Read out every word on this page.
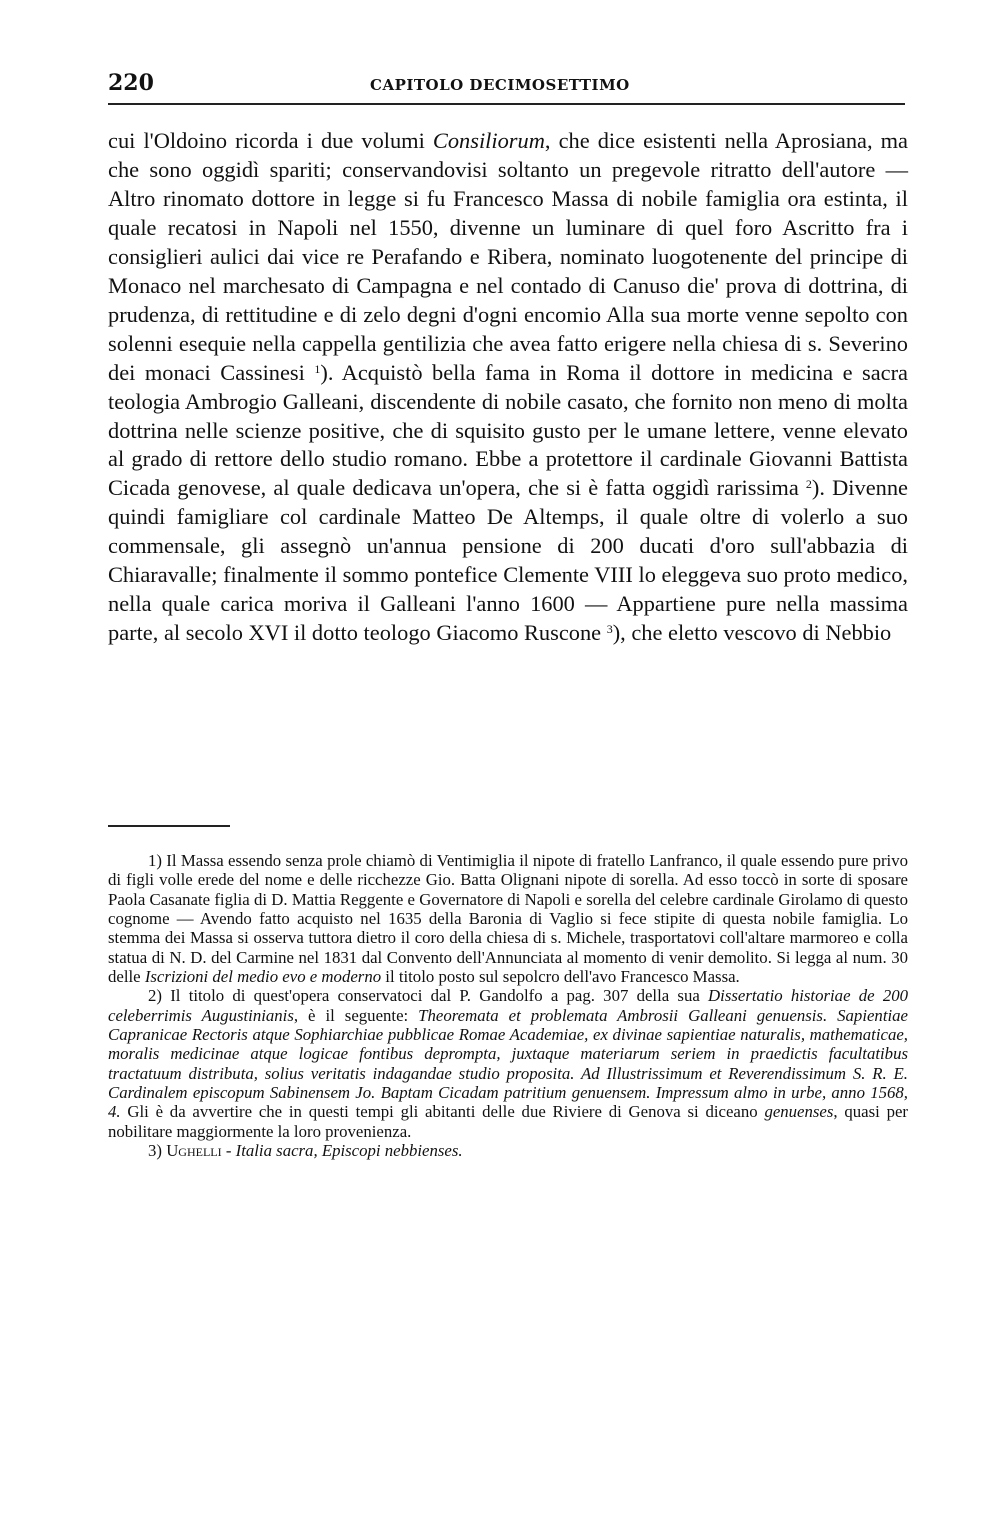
220	CAPITOLO DECIMOSETTIMO

cui l'Oldoino ricorda i due volumi Consiliorum, che dice esistenti nella Aprosiana, ma che sono oggidì spariti; conservandovisi soltanto un pregevole ritratto dell'autore — Altro rinomato dottore in legge si fu Francesco Massa di nobile famiglia ora estinta, il quale recatosi in Napoli nel 1550, divenne un luminare di quel foro Ascritto fra i consiglieri aulici dai vice re Perafando e Ribera, nominato luogotenente del principe di Monaco nel marchesato di Campagna e nel contado di Canuso die' prova di dottrina, di prudenza, di rettitudine e di zelo degni d'ogni encomio Alla sua morte venne sepolto con solenni esequie nella cappella gentilizia che avea fatto erigere nella chiesa di s. Severino dei monaci Cassinesi $^1$). Acquistò bella fama in Roma il dottore in medicina e sacra teologia Ambrogio Galleani, discendente di nobile casato, che fornito non meno di molta dottrina nelle scienze positive, che di squisito gusto per le umane lettere, venne elevato al grado di rettore dello studio romano. Ebbe a protettore il cardinale Giovanni Battista Cicada genovese, al quale dedicava un'opera, che si è fatta oggidì rarissima $^2$). Divenne quindi famigliare col cardinale Matteo De Altemps, il quale oltre di volerlo a suo commensale, gli assegnò un'annua pensione di 200 ducati d'oro sull'abbazia di Chiaravalle; finalmente il sommo pontefice Clemente VIII lo eleggeva suo proto medico, nella quale carica moriva il Galleani l'anno 1600 — Appartiene pure nella massima parte, al secolo XVI il dotto teologo Giacomo Ruscone $^3$), che eletto vescovo di Nebbio

1) Il Massa essendo senza prole chiamò di Ventimiglia il nipote di fratello Lanfranco, il quale essendo pure privo di figli volle erede del nome e delle ricchezze Gio. Batta Olignani nipote di sorella. Ad esso toccò in sorte di sposare Paola Casanate figlia di D. Mattia Reggente e Governatore di Napoli e sorella del celebre cardinale Girolamo di questo cognome — Avendo fatto acquisto nel 1635 della Baronia di Vaglio si fece stipite di questa nobile famiglia. Lo stemma dei Massa si osserva tuttora dietro il coro della chiesa di s. Michele, trasportatovi coll'altare marmoreo e colla statua di N. D. del Carmine nel 1831 dal Convento dell'Annunciata al momento di venir demolito. Si legga al num. 30 delle Iscrizioni del medio evo e moderno il titolo posto sul sepolcro dell'avo Francesco Massa.

2) Il titolo di quest'opera conservatoci dal P. Gandolfo a pag. 307 della sua Dissertatio historiae de 200 celeberrimis Augustinianis, è il seguente: Theoremata et problemata Ambrosii Galleani genuensis. Sapientiae Capranicae Rectoris atque Sophiarchiae pubblicae Romae Academiae, ex divinae sapientiae naturalis, mathematicae, moralis medicinae atque logicae fontibus deprompta, juxtaque materiarum seriem in praedictis facultatibus tractatuum distributa, solius veritatis indagandae studio proposita. Ad Illustrissimum et Reverendissimum S. R. E. Cardinalem episcopum Sabinensem Jo. Baptam Cicadam patritium genuensem. Impressum almo in urbe, anno 1568, 4. Gli è da avvertire che in questi tempi gli abitanti delle due Riviere di Genova si diceano genuenses, quasi per nobilitare maggiormente la loro provenienza.

3) Ughelli - Italia sacra, Episcopi nebbienses.
